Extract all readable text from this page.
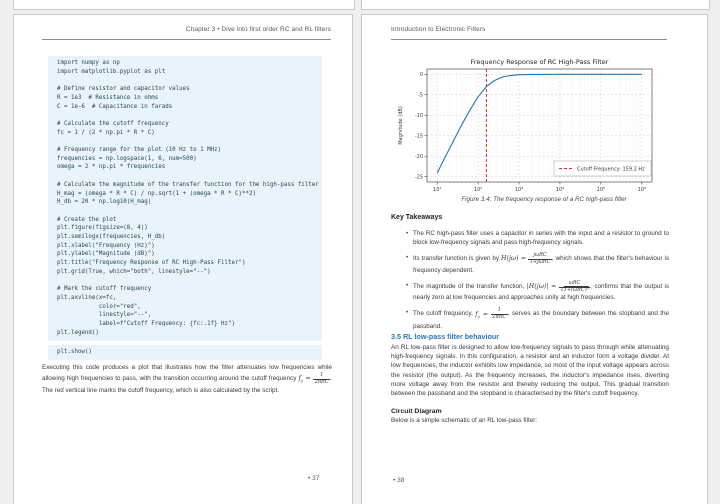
Chapter 3 • Dive into first order RC and RL filters
import numpy as np
import matplotlib.pyplot as plt

# Define resistor and capacitor values
R = 1e3  # Resistance in ohms
C = 1e-6  # Capacitance in farads

# Calculate the cutoff frequency
fc = 1 / (2 * np.pi * R * C)

# Frequency range for the plot (10 Hz to 1 MHz)
frequencies = np.logspace(1, 6, num=500)
omega = 2 * np.pi * frequencies

# Calculate the magnitude of the transfer function for the high-pass filter
H_mag = (omega * R * C) / np.sqrt(1 + (omega * R * C)**2)
H_db = 20 * np.log10(H_mag)

# Create the plot
plt.figure(figsize=(8, 4))
plt.semilogx(frequencies, H_db)
plt.xlabel("Frequency (Hz)")
plt.ylabel("Magnitude (dB)")
plt.title("Frequency Response of RC High-Pass Filter")
plt.grid(True, which="both", linestyle="--")

# Mark the cutoff frequency
plt.axvline(x=fc,
color="red",
linestyle="--",
label=f"Cutoff Frequency: {fc:.1f} Hz")
plt.legend()
plt.show()
Executing this code produces a plot that illustrates how the filter attenuates low frequencies while allowing high frequencies to pass, with the transition occurring around the cutoff frequency $f_c = \frac{1}{\text{2πRC}}$ . The red vertical line marks the cutoff frequency, which is also calculated by the script.
• 37
Introduction to Electronic Filters
10¹	10²	10³	10⁴	10⁵	10⁶
0
-5
-10
-15
-20
-25
Frequency Response of RC High-Pass Filter
Magnitude (dB)
Cutoff Frequency: 159.2 Hz
Figure 3.4: The frequency response of a RC high-pass filter
Key Takeaways
• The RC high-pass filter uses a capacitor in series with the input and a resistor to ground to block low-frequency signals and pass high-frequency signals.
• Its transfer function is given by $H(j\omega) = \frac{\text{jωRC}}{\text{1+jωRC}}$ , which shows that the filter's behaviour is frequency dependent.
• The magnitude of the transfer function, $|H(j\omega)| = \frac{\text{ωRC}}{\text{√1+(ωRC)²}}$ , confirms that the output is nearly zero at low frequencies and approaches unity at high frequencies.
• The cutoff frequency, $f_c = \frac{1}{\text{2πRC}}$ , serves as the boundary between the stopband and the passband.
3.5 RL low-pass filter behaviour
An RL low-pass filter is designed to allow low-frequency signals to pass through while attenuating high-frequency signals. In this configuration, a resistor and an inductor form a voltage divider. At low frequencies, the inductor exhibits low impedance, so most of the input voltage appears across the resistor (the output). As the frequency increases, the inductor's impedance rises, diverting more voltage away from the resistor and thereby reducing the output. This gradual transition between the passband and the stopband is characterised by the filter's cutoff frequency.
Circuit Diagram
Below is a simple schematic of an RL low-pass filter:
• 38
